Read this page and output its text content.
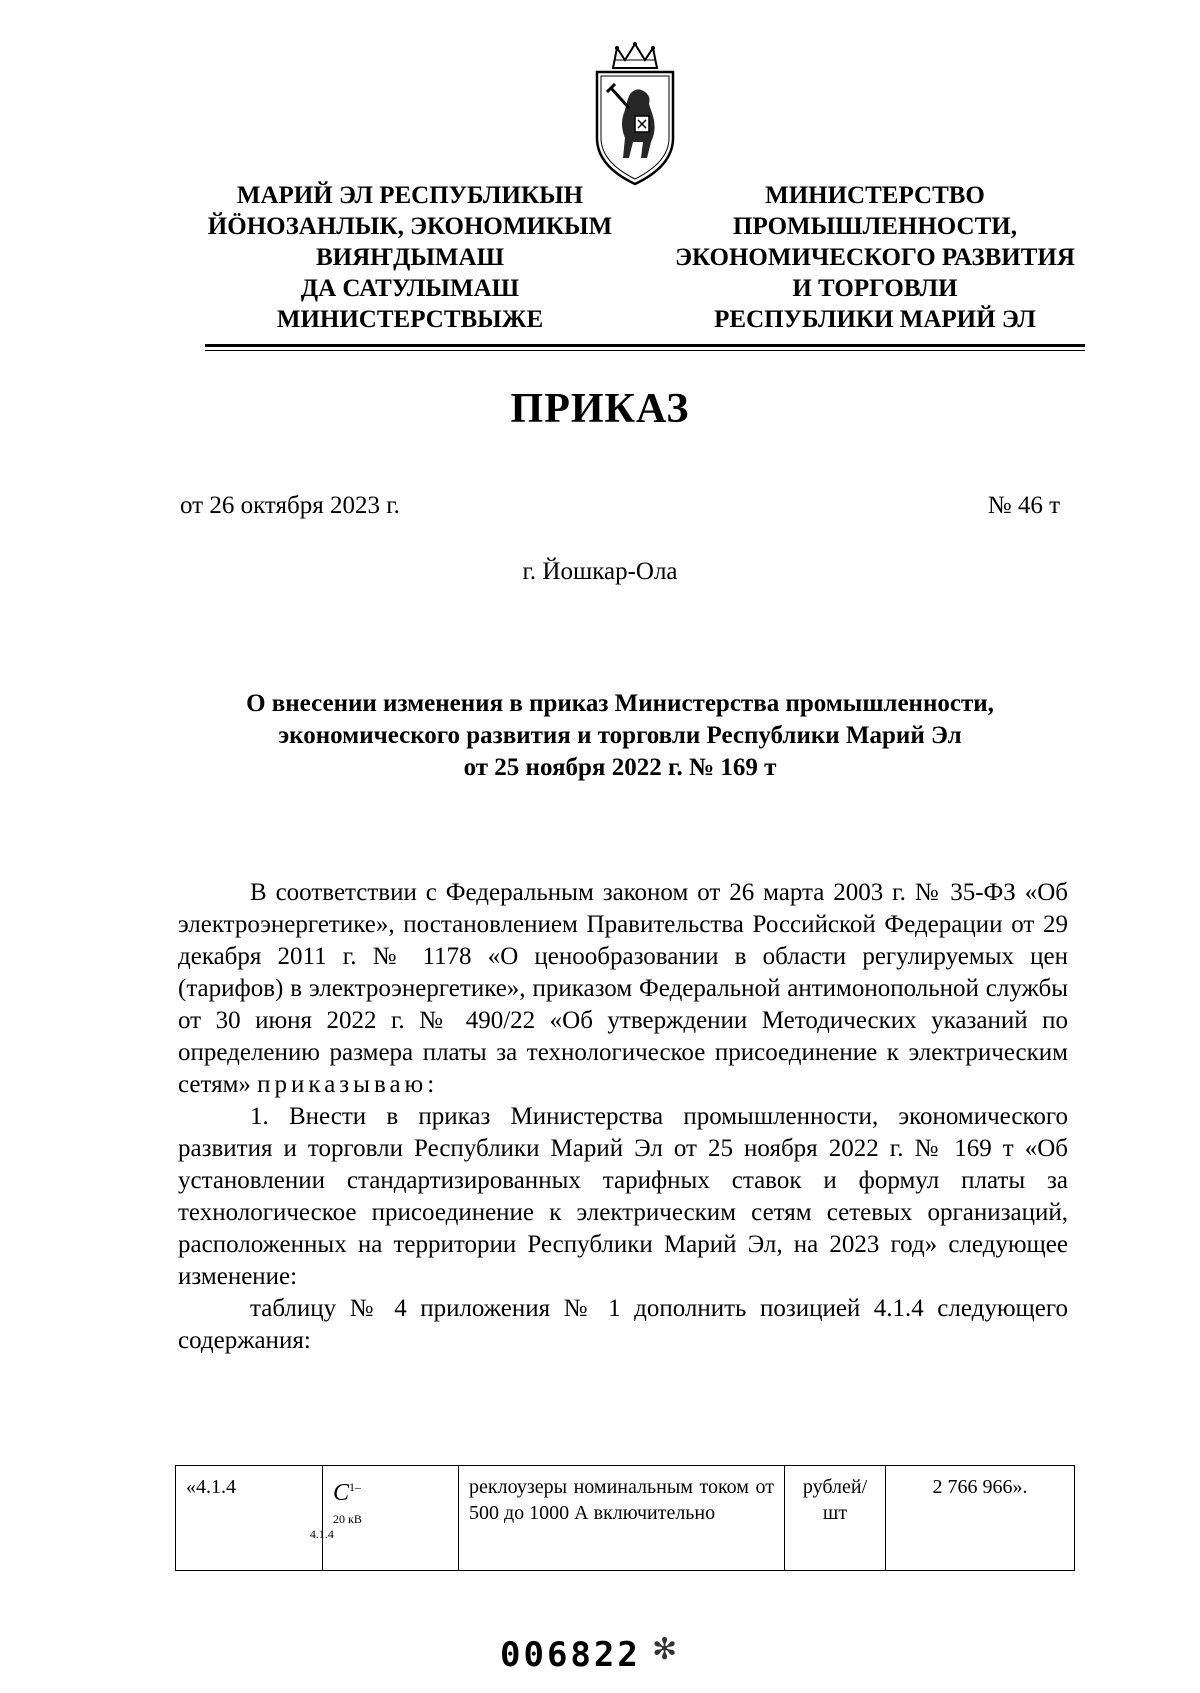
МАРИЙ ЭЛ РЕСПУБЛИКЫН
ЙÖНОЗАНЛЫК, ЭКОНОМИКЫМ
ВИЯҤДЫМАШ
ДА САТУЛЫМАШ
МИНИСТЕРСТВЫЖЕ
МИНИСТЕРСТВО
ПРОМЫШЛЕННОСТИ,
ЭКОНОМИЧЕСКОГО РАЗВИТИЯ
И ТОРГОВЛИ
РЕСПУБЛИКИ МАРИЙ ЭЛ
ПРИКАЗ
от 26 октября 2023 г.	№ 46 т
г. Йошкар-Ола
О внесении изменения в приказ Министерства промышленности,
экономического развития и торговли Республики Марий Эл
от 25 ноября 2022 г. № 169 т

В соответствии с Федеральным законом от 26 марта 2003 г. № 35-ФЗ «Об электроэнергетике», постановлением Правительства Российской Федерации от 29 декабря 2011 г. № 1178 «О ценообразовании в области регулируемых цен (тарифов) в электроэнергетике», приказом Федеральной антимонопольной службы от 30 июня 2022 г. № 490/22 «Об утверждении Методических указаний по определению размера платы за технологическое присоединение к электрическим сетям» приказываю:

1. Внести в приказ Министерства промышленности, экономического развития и торговли Республики Марий Эл от 25 ноября 2022 г. № 169 т «Об установлении стандартизированных тарифных ставок и формул платы за технологическое присоединение к электрическим сетям сетевых организаций, расположенных на территории Республики Марий Эл, на 2023 год» следующее изменение:

таблицу № 4 приложения № 1 дополнить позицией 4.1.4 следующего содержания:

«4.1.4	$C^{1-20 кВ}_{4.1.4}$	реклоузеры номинальным током от 500 до 1000 А включительно	рублей/ шт	2 766 966».
006822 ✻
